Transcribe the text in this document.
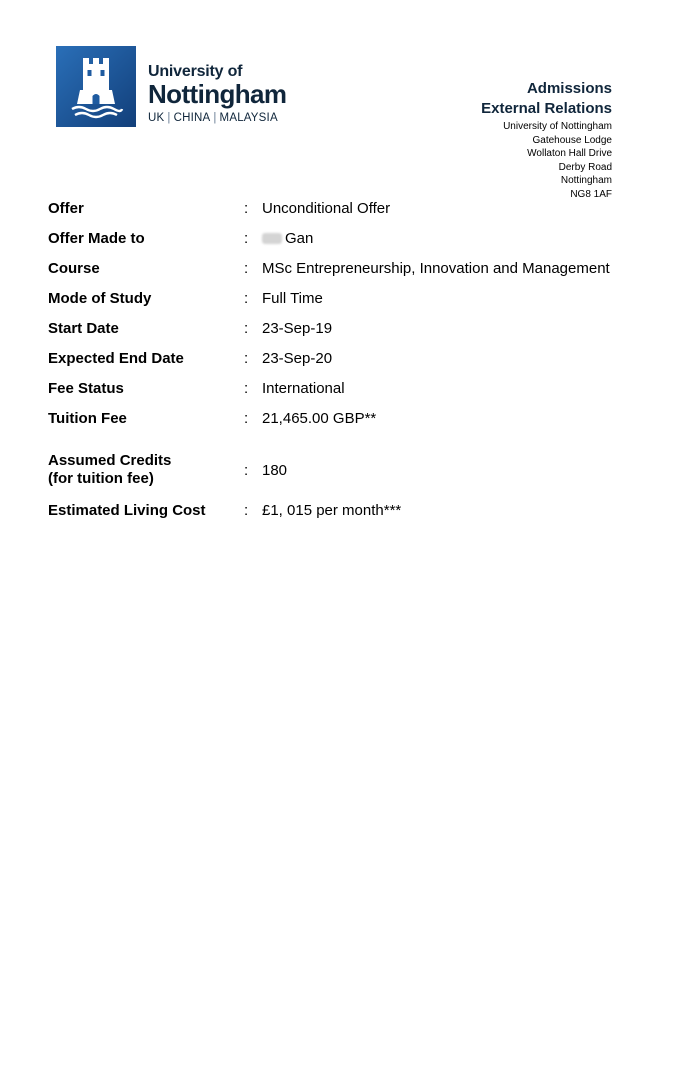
University of
Nottingham
UK | CHINA | MALAYSIA
Admissions
External Relations
University of Nottingham
Gatehouse Lodge
Wollaton Hall Drive
Derby Road
Nottingham
NG8 1AF
Offer	: Unconditional Offer
Offer Made to	:	Gan
Course	: MSc Entrepreneurship, Innovation and Management
Mode of Study	: Full Time
Start Date	: 23-Sep-19
Expected End Date	: 23-Sep-20
Fee Status	: International
Tuition Fee	: 21,465.00 GBP**
Assumed Credits
(for tuition fee)	: 180
Estimated Living Cost	: £1, 015 per month***
